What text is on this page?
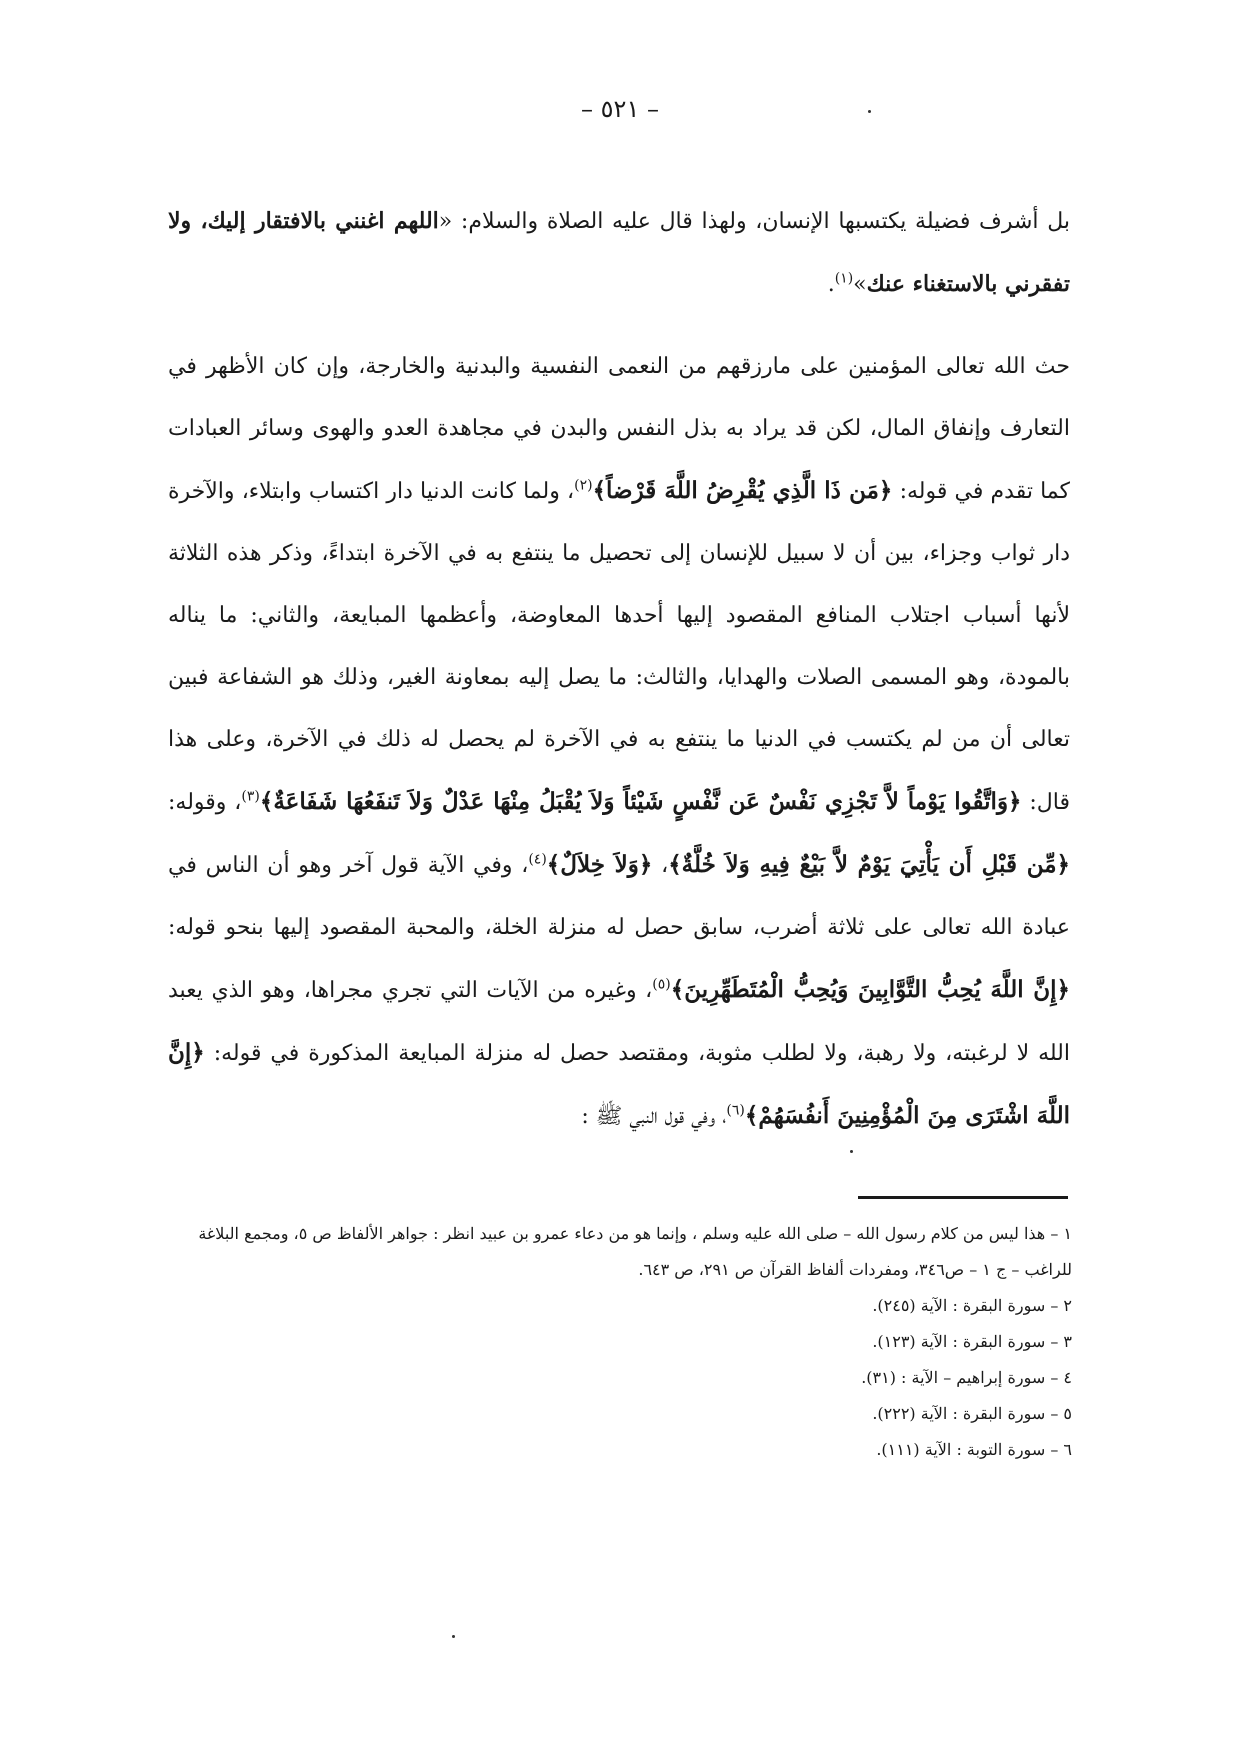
– ٥٢١ –
بل أشرف فضيلة يكتسبها الإنسان، ولهذا قال عليه الصلاة والسلام: «اللهم اغنني بالافتقار إليك، ولا تفقرني بالاستغناء عنك»$^{(١)}$.
حث الله تعالى المؤمنين على مارزقهم من النعمى النفسية والبدنية والخارجة، وإن كان الأظهر في التعارف وإنفاق المال، لكن قد يراد به بذل النفس والبدن في مجاهدة العدو والهوى وسائر العبادات كما تقدم في قوله: ﴿مَن ذَا الَّذِي يُقْرِضُ اللَّهَ قَرْضاً﴾$^{(٢)}$، ولما كانت الدنيا دار اكتساب وابتلاء، والآخرة دار ثواب وجزاء، بين أن لا سبيل للإنسان إلى تحصيل ما ينتفع به في الآخرة ابتداءً، وذكر هذه الثلاثة لأنها أسباب اجتلاب المنافع المقصود إليها أحدها المعاوضة، وأعظمها المبايعة، والثاني: ما يناله بالمودة، وهو المسمى الصلات والهدايا، والثالث: ما يصل إليه بمعاونة الغير، وذلك هو الشفاعة فبين تعالى أن من لم يكتسب في الدنيا ما ينتفع به في الآخرة لم يحصل له ذلك في الآخرة، وعلى هذا قال: ﴿وَاتَّقُوا يَوْماً لاَّ تَجْزِي نَفْسٌ عَن نَّفْسٍ شَيْئاً وَلاَ يُقْبَلُ مِنْهَا عَدْلٌ وَلاَ تَنفَعُهَا شَفَاعَةٌ﴾$^{(٣)}$، وقوله: ﴿مِّن قَبْلِ أَن يَأْتِيَ يَوْمٌ لاَّ بَيْعٌ فِيهِ وَلاَ خُلَّةٌ﴾، ﴿وَلاَ خِلاَلٌ﴾$^{(٤)}$، وفي الآية قول آخر وهو أن الناس في عبادة الله تعالى على ثلاثة أضرب، سابق حصل له منزلة الخلة، والمحبة المقصود إليها بنحو قوله: ﴿إِنَّ اللَّهَ يُحِبُّ التَّوَّابِينَ وَيُحِبُّ الْمُتَطَهِّرِينَ﴾$^{(٥)}$، وغيره من الآيات التي تجري مجراها، وهو الذي يعبد الله لا لرغبته، ولا رهبة، ولا لطلب مثوبة، ومقتصد حصل له منزلة المبايعة المذكورة في قوله: ﴿إِنَّ اللَّهَ اشْتَرَى مِنَ الْمُؤْمِنِينَ أَنفُسَهُمْ﴾$^{(٦)}$، وفي قول النبي ﷺ :
١ – هذا ليس من كلام رسول الله – صلى الله عليه وسلم ، وإنما هو من دعاء عمرو بن عبيد انظر : جواهر الألفاظ ص ٥، ومجمع البلاغة للراغب – ج ١ – ص٣٤٦، ومفردات ألفاظ القرآن ص ٢٩١، ص ٦٤٣.
٢ – سورة البقرة : الآية (٢٤٥).
٣ – سورة البقرة : الآية (١٢٣).
٤ – سورة إبراهيم – الآية : (٣١).
٥ – سورة البقرة : الآية (٢٢٢).
٦ – سورة التوبة : الآية (١١١).
